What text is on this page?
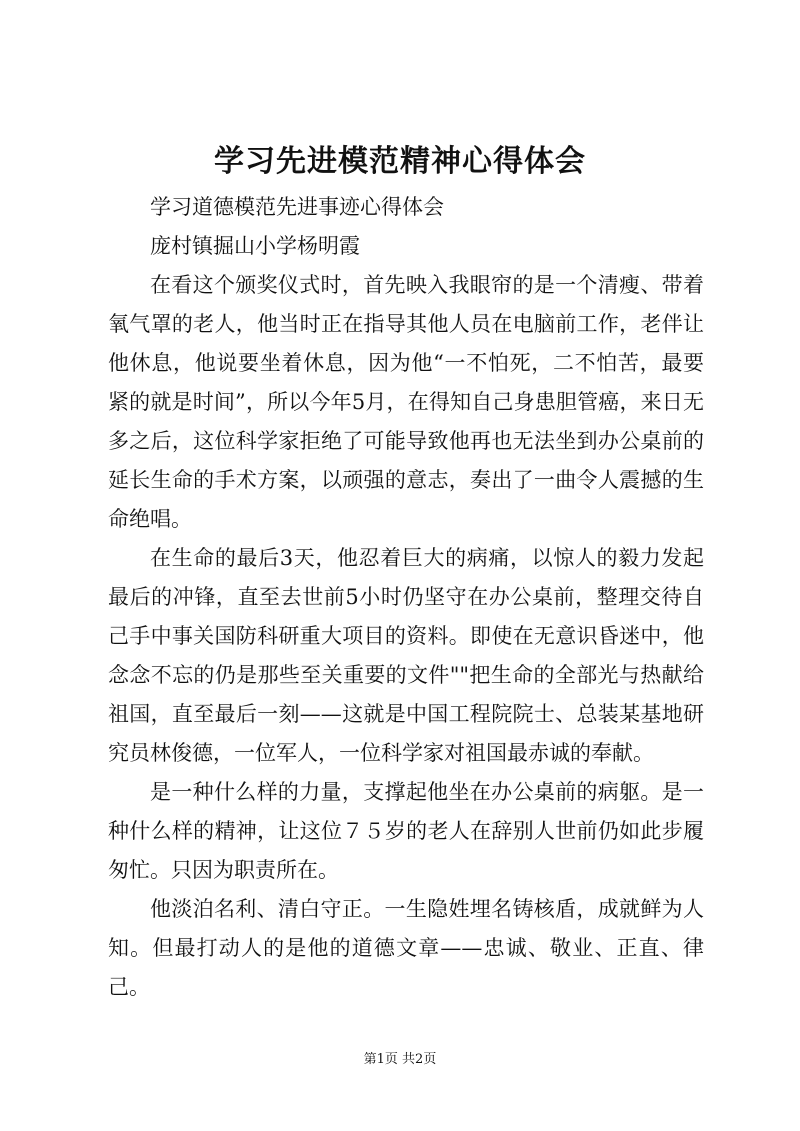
学习先进模范精神心得体会

学习道德模范先进事迹心得体会

庞村镇掘山小学杨明霞

在看这个颁奖仪式时，首先映入我眼帘的是一个清瘦、带着氧气罩的老人，他当时正在指导其他人员在电脑前工作，老伴让他休息，他说要坐着休息，因为他“一不怕死，二不怕苦，最要紧的就是时间”，所以今年5月，在得知自己身患胆管癌，来日无多之后，这位科学家拒绝了可能导致他再也无法坐到办公桌前的延长生命的手术方案，以顽强的意志，奏出了一曲令人震撼的生命绝唱。

在生命的最后3天，他忍着巨大的病痛，以惊人的毅力发起最后的冲锋，直至去世前5小时仍坚守在办公桌前，整理交待自己手中事关国防科研重大项目的资料。即使在无意识昏迷中，他念念不忘的仍是那些至关重要的文件""把生命的全部光与热献给祖国，直至最后一刻——这就是中国工程院院士、总装某基地研究员林俊德，一位军人，一位科学家对祖国最赤诚的奉献。

是一种什么样的力量，支撑起他坐在办公桌前的病躯。是一种什么样的精神，让这位７５岁的老人在辞别人世前仍如此步履匆忙。只因为职责所在。

他淡泊名利、清白守正。一生隐姓埋名铸核盾，成就鲜为人知。但最打动人的是他的道德文章——忠诚、敬业、正直、律己。

第1页 共2页
